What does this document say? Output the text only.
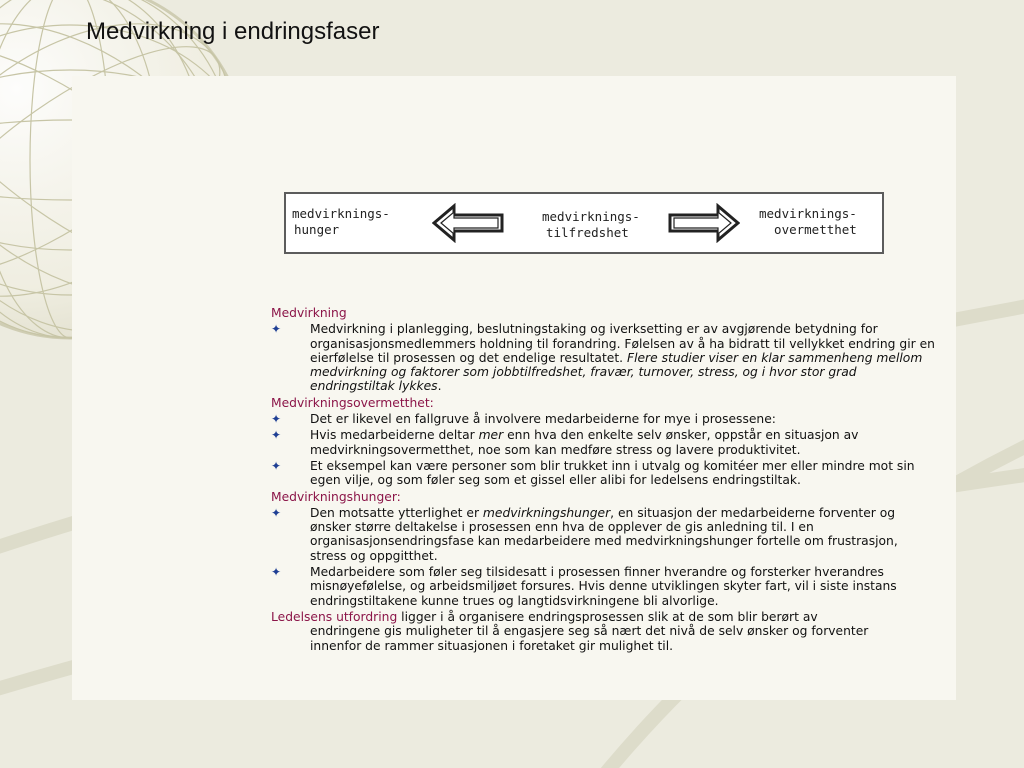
Medvirkning i endringsfaser
medvirknings-
hunger
medvirknings-
tilfredshet
medvirknings-
overmetthet
Medvirkning
✦ Medvirkning i planlegging, beslutningstaking og iverksetting er av avgjørende betydning for organisasjonsmedlemmers holdning til forandring. Følelsen av å ha bidratt til vellykket endring gir en eierfølelse til prosessen og det endelige resultatet. Flere studier viser en klar sammenheng mellom medvirkning og faktorer som jobbtilfredshet, fravær, turnover, stress, og i hvor stor grad endringstiltak lykkes.
Medvirkningsovermetthet:
✦ Det er likevel en fallgruve å involvere medarbeiderne for mye i prosessene:
✦ Hvis medarbeiderne deltar mer enn hva den enkelte selv ønsker, oppstår en situasjon av medvirkningsovermetthet, noe som kan medføre stress og lavere produktivitet.
✦ Et eksempel kan være personer som blir trukket inn i utvalg og komitéer mer eller mindre mot sin egen vilje, og som føler seg som et gissel eller alibi for ledelsens endringstiltak.
Medvirkningshunger:
✦ Den motsatte ytterlighet er medvirkningshunger, en situasjon der medarbeiderne forventer og ønsker større deltakelse i prosessen enn hva de opplever de gis anledning til. I en organisasjonsendringsfase kan medarbeidere med medvirkningshunger fortelle om frustrasjon, stress og oppgitthet.
✦ Medarbeidere som føler seg tilsidesatt i prosessen finner hverandre og forsterker hverandres misnøyefølelse, og arbeidsmiljøet forsures. Hvis denne utviklingen skyter fart, vil i siste instans endringstiltakene kunne trues og langtidsvirkningene bli alvorlige.
Ledelsens utfordring ligger i å organisere endringsprosessen slik at de som blir berørt av
endringene gis muligheter til å engasjere seg så nært det nivå de selv ønsker og forventer
innenfor de rammer situasjonen i foretaket gir mulighet til.
